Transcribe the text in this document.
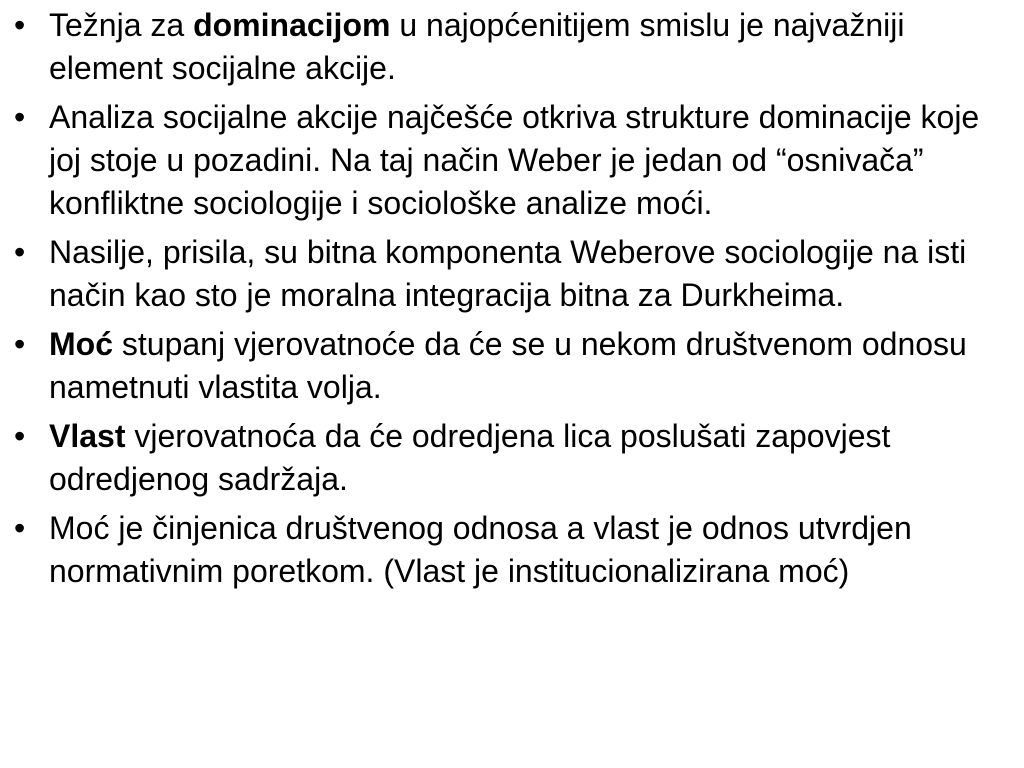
• Težnja za dominacijom u najopćenitijem smislu je najvažniji element socijalne akcije.
• Analiza socijalne akcije najčešće otkriva strukture dominacije koje joj stoje u pozadini. Na taj način Weber je jedan od “osnivača” konfliktne sociologije i sociološke analize moći.
• Nasilje, prisila, su bitna komponenta Weberove sociologije na isti način kao sto je moralna integracija bitna za Durkheima.
• Moć stupanj vjerovatnoće da će se u nekom društvenom odnosu nametnuti vlastita volja.
• Vlast vjerovatnoća da će odredjena lica poslušati zapovjest odredjenog sadržaja.
• Moć je činjenica društvenog odnosa a vlast je odnos utvrdjen normativnim poretkom. (Vlast je institucionalizirana moć)
